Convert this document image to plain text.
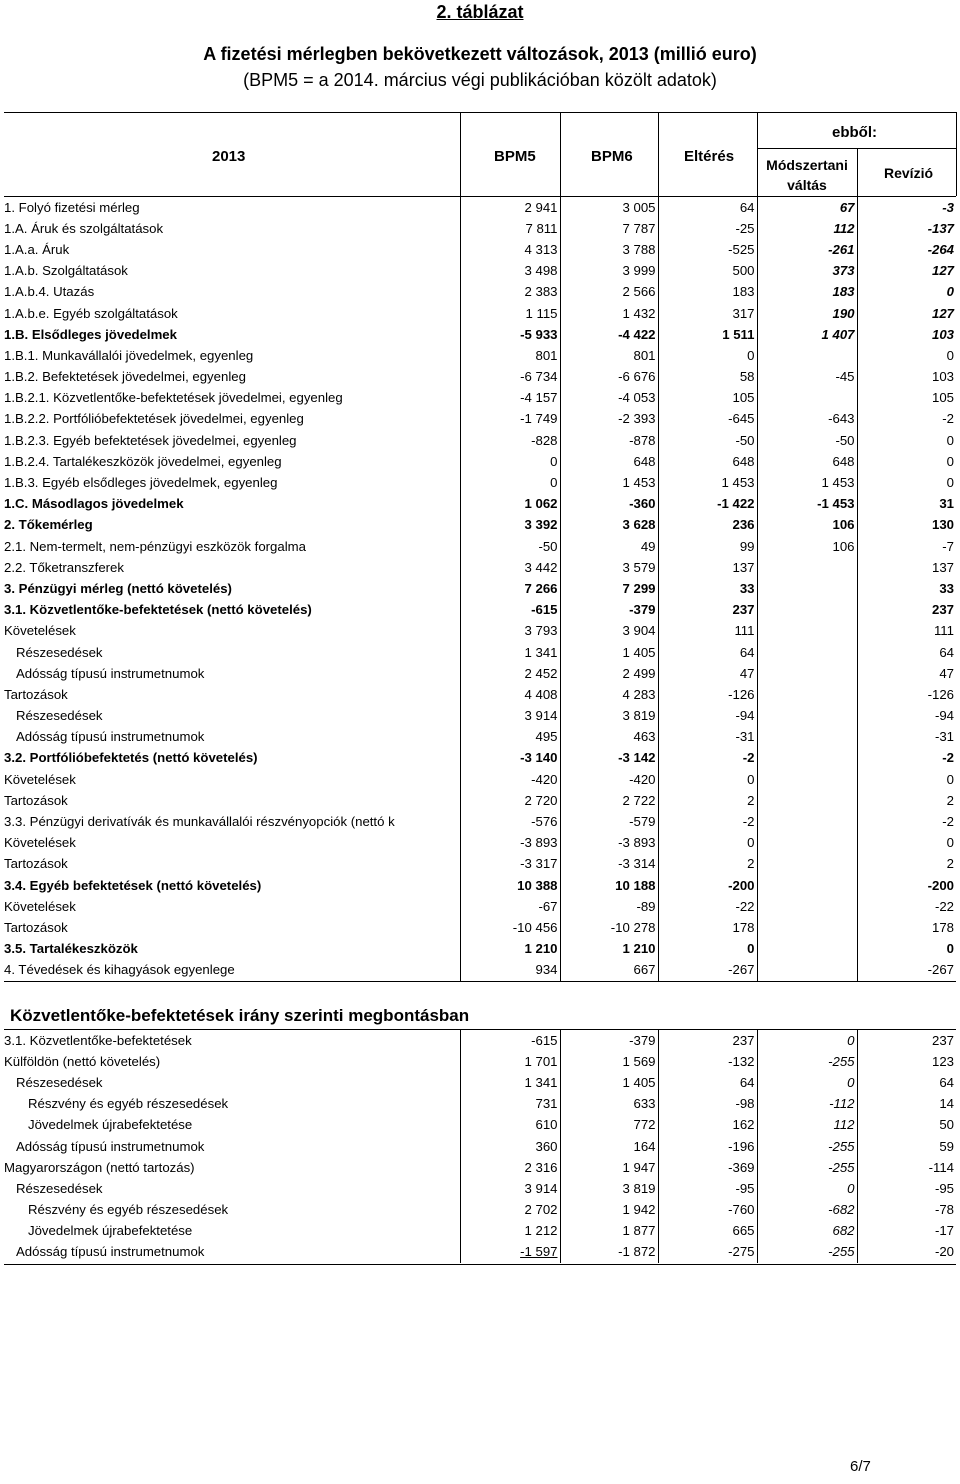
2. táblázat
A fizetési mérlegben bekövetkezett változások, 2013 (millió euro)
(BPM5 = a 2014. március végi publikációban közölt adatok)
2013	BPM5	BPM6	Eltérés
ebből:
Módszertani váltás
Revízió
1. Folyó fizetési mérleg	2 941	3 005	64	67	-3
1.A. Áruk és szolgáltatások	7 811	7 787	-25	112	-137
1.A.a. Áruk	4 313	3 788	-525	-261	-264
1.A.b. Szolgáltatások	3 498	3 999	500	373	127
1.A.b.4. Utazás	2 383	2 566	183	183	0
1.A.b.e. Egyéb szolgáltatások	1 115	1 432	317	190	127
1.B. Elsődleges jövedelmek	-5 933	-4 422	1 511	1 407	103
1.B.1. Munkavállalói jövedelmek, egyenleg	801	801	0		0
1.B.2. Befektetések jövedelmei, egyenleg	-6 734	-6 676	58	-45	103
1.B.2.1. Közvetlentőke-befektetések jövedelmei, egyenleg	-4 157	-4 053	105		105
1.B.2.2. Portfólióbefektetések jövedelmei, egyenleg	-1 749	-2 393	-645	-643	-2
1.B.2.3. Egyéb befektetések jövedelmei, egyenleg	-828	-878	-50	-50	0
1.B.2.4. Tartalékeszközök jövedelmei, egyenleg	0	648	648	648	0
1.B.3. Egyéb elsődleges jövedelmek, egyenleg	0	1 453	1 453	1 453	0
1.C. Másodlagos jövedelmek	1 062	-360	-1 422	-1 453	31
2. Tőkemérleg	3 392	3 628	236	106	130
2.1. Nem-termelt, nem-pénzügyi eszközök forgalma	-50	49	99	106	-7
2.2. Tőketranszferek	3 442	3 579	137		137
3. Pénzügyi mérleg (nettó követelés)	7 266	7 299	33		33
3.1. Közvetlentőke-befektetések (nettó követelés)	-615	-379	237		237
Követelések	3 793	3 904	111		111
Részesedések	1 341	1 405	64		64
Adósság típusú instrumetnumok	2 452	2 499	47		47
Tartozások	4 408	4 283	-126		-126
Részesedések	3 914	3 819	-94		-94
Adósság típusú instrumetnumok	495	463	-31		-31
3.2. Portfólióbefektetés (nettó követelés)	-3 140	-3 142	-2		-2
Követelések	-420	-420	0		0
Tartozások	2 720	2 722	2		2
3.3. Pénzügyi derivatívák és munkavállalói részvényopciók (nettó k	-576	-579	-2		-2
Követelések	-3 893	-3 893	0		0
Tartozások	-3 317	-3 314	2		2
3.4. Egyéb befektetések (nettó követelés)	10 388	10 188	-200		-200
Követelések	-67	-89	-22		-22
Tartozások	-10 456	-10 278	178		178
3.5. Tartalékeszközök	1 210	1 210	0		0
4. Tévedések és kihagyások egyenlege	934	667	-267		-267
Közvetlentőke-befektetések irány szerinti megbontásban
3.1. Közvetlentőke-befektetések	-615	-379	237	0	237
Külföldön (nettó követelés)	1 701	1 569	-132	-255	123
Részesedések	1 341	1 405	64	0	64
Részvény és egyéb részesedések	731	633	-98	-112	14
Jövedelmek újrabefektetése	610	772	162	112	50
Adósság típusú instrumetnumok	360	164	-196	-255	59
Magyarországon (nettó tartozás)	2 316	1 947	-369	-255	-114
Részesedések	3 914	3 819	-95	0	-95
Részvény és egyéb részesedések	2 702	1 942	-760	-682	-78
Jövedelmek újrabefektetése	1 212	1 877	665	682	-17
Adósság típusú instrumetnumok	-1 597	-1 872	-275	-255	-20
6/7
